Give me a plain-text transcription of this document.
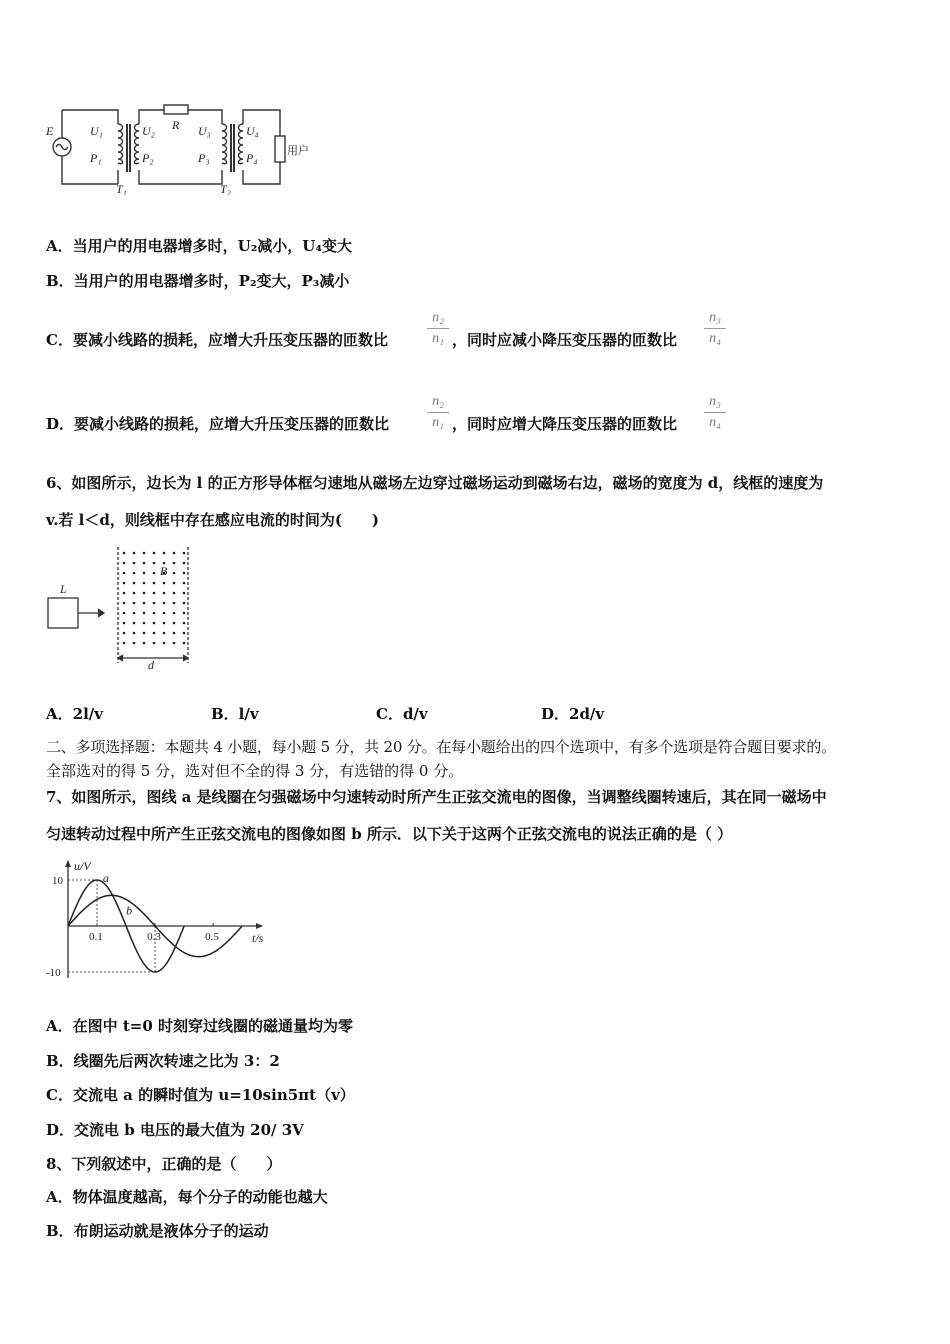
E	U₁
P₁
U₂
P₂
R
T₁
U₃
P₃
T₂
U₄
P₄	用户
A．当用户的用电器增多时，U₂减小，U₄变大
B．当用户的用电器增多时，P₂变大，P₃减小
C．要减小线路的损耗，应增大升压变压器的匝数比
n₂
n₁ ，同时应减小降压变压器的匝数比
n₃
n₄
D．要减小线路的损耗，应增大升压变压器的匝数比
n₂
n₁ ，同时应增大降压变压器的匝数比
n₃
n₄
6、如图所示，边长为 l 的正方形导体框匀速地从磁场左边穿过磁场运动到磁场右边，磁场的宽度为 d，线框的速度为
v.若 l＜d，则线框中存在感应电流的时间为(　　)
L
B
d
A．2l/v	B．l/v	C．d/v	D．2d/v
二、多项选择题：本题共 4 小题，每小题 5 分，共 20 分。在每小题给出的四个选项中，有多个选项是符合题目要求的。
全部选对的得 5 分，选对但不全的得 3 分，有选错的得 0 分。
7、如图所示，图线 a 是线圈在匀强磁场中匀速转动时所产生正弦交流电的图像，当调整线圈转速后，其在同一磁场中
匀速转动过程中所产生正弦交流电的图像如图 b 所示．以下关于这两个正弦交流电的说法正确的是（ ）
u/V
t/s
10
-10
0.1	0.3	0.5
a
b
A．在图中 t=0 时刻穿过线圈的磁通量均为零
B．线圈先后两次转速之比为 3：2
C．交流电 a 的瞬时值为 u=10sin5πt（v）
D．交流电 b 电压的最大值为 20/ 3V
8、下列叙述中，正确的是（　　）
A．物体温度越高，每个分子的动能也越大
B．布朗运动就是液体分子的运动
